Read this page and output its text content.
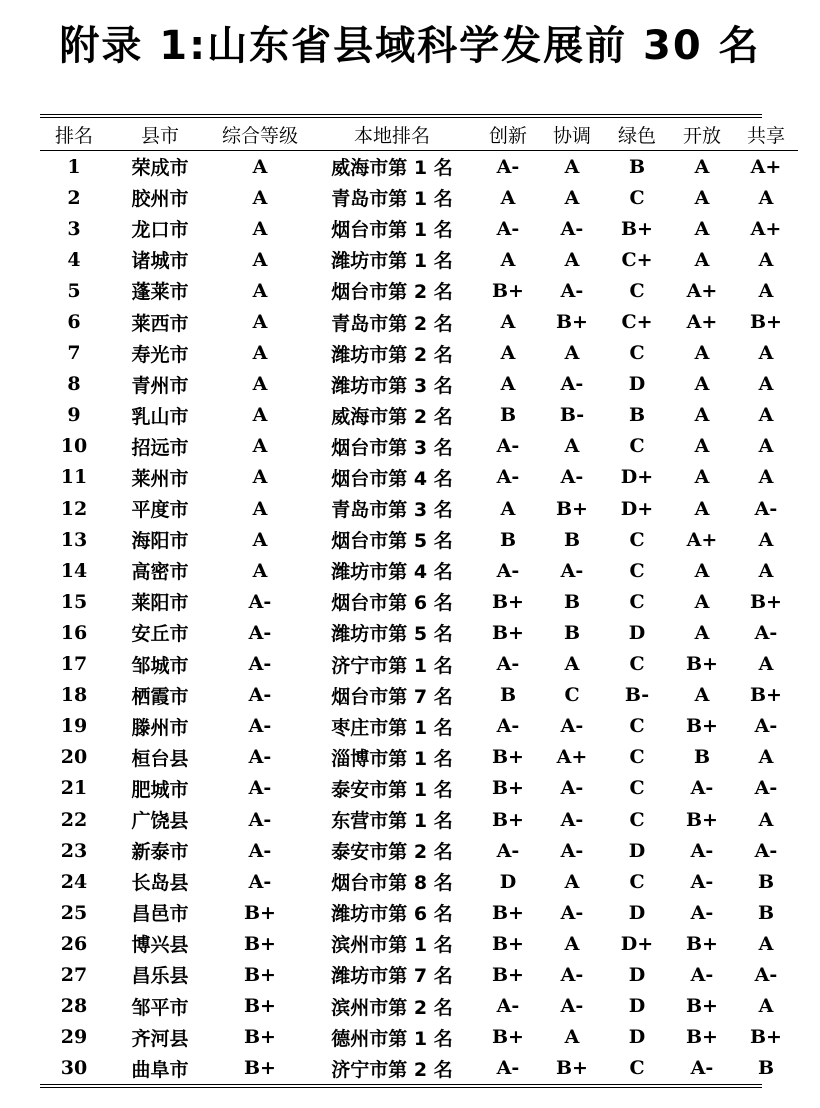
附录 1:山东省县域科学发展前 30 名
排名	县市	综合等级	本地排名	创新	协调	绿色	开放	共享
1	荣成市	A	威海市第 1 名	A-	A	B	A	A+
2	胶州市	A	青岛市第 1 名	A	A	C	A	A
3	龙口市	A	烟台市第 1 名	A-	A-	B+	A	A+
4	诸城市	A	潍坊市第 1 名	A	A	C+	A	A
5	蓬莱市	A	烟台市第 2 名	B+	A-	C	A+	A
6	莱西市	A	青岛市第 2 名	A	B+	C+	A+	B+
7	寿光市	A	潍坊市第 2 名	A	A	C	A	A
8	青州市	A	潍坊市第 3 名	A	A-	D	A	A
9	乳山市	A	威海市第 2 名	B	B-	B	A	A
10	招远市	A	烟台市第 3 名	A-	A	C	A	A
11	莱州市	A	烟台市第 4 名	A-	A-	D+	A	A
12	平度市	A	青岛市第 3 名	A	B+	D+	A	A-
13	海阳市	A	烟台市第 5 名	B	B	C	A+	A
14	高密市	A	潍坊市第 4 名	A-	A-	C	A	A
15	莱阳市	A-	烟台市第 6 名	B+	B	C	A	B+
16	安丘市	A-	潍坊市第 5 名	B+	B	D	A	A-
17	邹城市	A-	济宁市第 1 名	A-	A	C	B+	A
18	栖霞市	A-	烟台市第 7 名	B	C	B-	A	B+
19	滕州市	A-	枣庄市第 1 名	A-	A-	C	B+	A-
20	桓台县	A-	淄博市第 1 名	B+	A+	C	B	A
21	肥城市	A-	泰安市第 1 名	B+	A-	C	A-	A-
22	广饶县	A-	东营市第 1 名	B+	A-	C	B+	A
23	新泰市	A-	泰安市第 2 名	A-	A-	D	A-	A-
24	长岛县	A-	烟台市第 8 名	D	A	C	A-	B
25	昌邑市	B+	潍坊市第 6 名	B+	A-	D	A-	B
26	博兴县	B+	滨州市第 1 名	B+	A	D+	B+	A
27	昌乐县	B+	潍坊市第 7 名	B+	A-	D	A-	A-
28	邹平市	B+	滨州市第 2 名	A-	A-	D	B+	A
29	齐河县	B+	德州市第 1 名	B+	A	D	B+	B+
30	曲阜市	B+	济宁市第 2 名	A-	B+	C	A-	B
